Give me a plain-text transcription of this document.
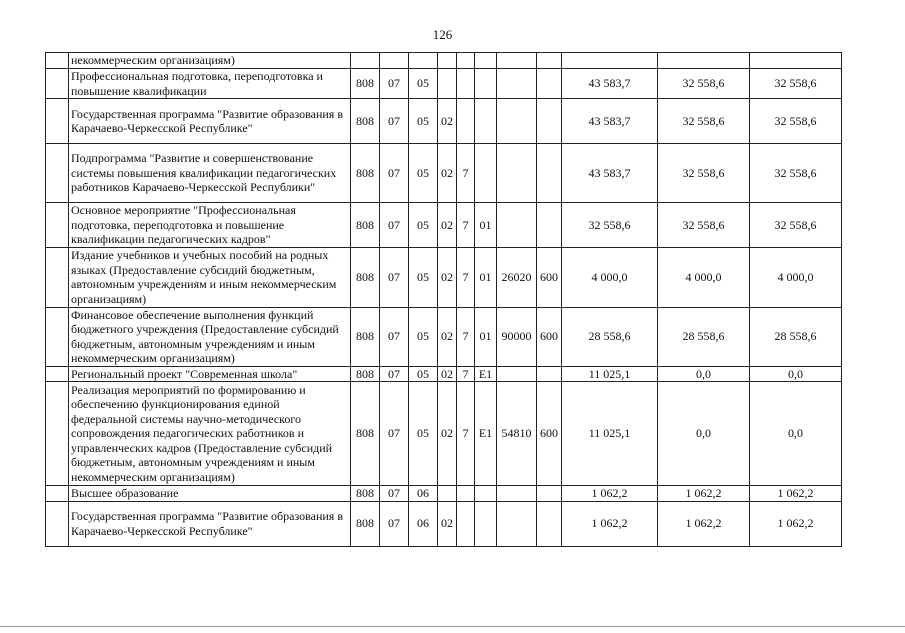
126
	некоммерческим организациям)											
	Профессиональная подготовка, переподготовка и повышение квалификации	808	07	05						43 583,7	32 558,6	32 558,6
	Государственная программа "Развитие образования в Карачаево-Черкесской Республике"	808	07	05	02					43 583,7	32 558,6	32 558,6
	Подпрограмма "Развитие и совершенствование системы повышения квалификации педагогических работников Карачаево-Черкесской Республики"	808	07	05	02	7				43 583,7	32 558,6	32 558,6
	Основное мероприятие "Профессиональная подготовка, переподготовка и повышение квалификации педагогических кадров"	808	07	05	02	7	01			32 558,6	32 558,6	32 558,6
	Издание учебников и учебных пособий на родных языках (Предоставление субсидий бюджетным, автономным учреждениям и иным некоммерческим организациям)	808	07	05	02	7	01	26020	600	4 000,0	4 000,0	4 000,0
	Финансовое обеспечение выполнения функций бюджетного учреждения (Предоставление субсидий бюджетным, автономным учреждениям и иным некоммерческим организациям)	808	07	05	02	7	01	90000	600	28 558,6	28 558,6	28 558,6
	Региональный проект "Современная школа"	808	07	05	02	7	E1			11 025,1	0,0	0,0
	Реализация мероприятий по формированию и обеспечению функционирования единой федеральной системы научно-методического сопровождения педагогических работников и управленческих кадров (Предоставление субсидий бюджетным, автономным учреждениям и иным некоммерческим организациям)	808	07	05	02	7	E1	54810	600	11 025,1	0,0	0,0
	Высшее образование	808	07	06						1 062,2	1 062,2	1 062,2
	Государственная программа "Развитие образования в Карачаево-Черкесской Республике"	808	07	06	02					1 062,2	1 062,2	1 062,2
